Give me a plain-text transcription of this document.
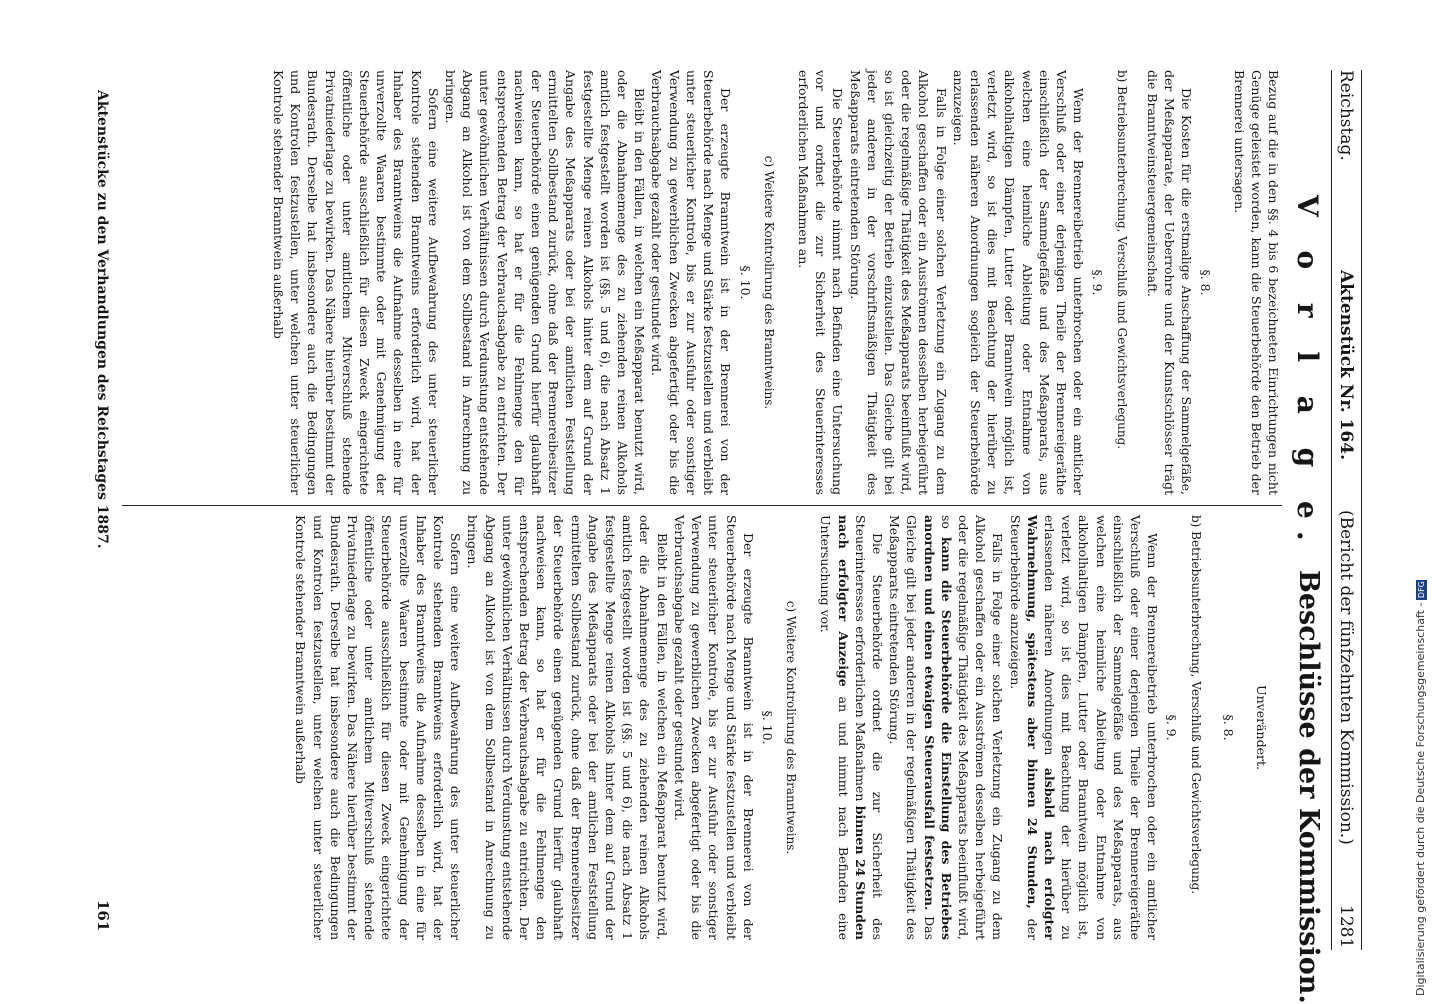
Reichstag.
Aktenstück Nr. 164.
(Bericht der fünfzehnten Kommission.)
1281
V o r l a g e.
Beschlüsse der Kommission.

Bezug auf die in den §§. 4 bis 6 bezeichneten Einrichtungen nicht Genüge geleistet worden, kann die Steuerbehörde den Betrieb der Brennerei untersagen.

§. 8.

Die Kosten für die erstmalige Anschaffung der Sammelgefäße, der Meßapparate, der Ueberrohre und der Kunstschlösser trägt die Branntweinsteuergemeinschaft.

b) Betriebsunterbrechung, Verschluß und Gewichtsverlegung.

§. 9.

Wenn der Brennereibetrieb unterbrochen oder ein amtlicher Verschluß oder einer derjenigen Theile der Brennereigeräthe einschließlich der Sammelgefäße und des Meßapparats, aus welchen eine heimliche Ableitung oder Entnahme von alkoholhaltigen Dämpfen, Lutter oder Branntwein möglich ist, verletzt wird, so ist dies mit Beachtung der hierüber zu erlassenden näheren Anordnungen sogleich der Steuerbehörde anzuzeigen.

Falls in Folge einer solchen Verletzung ein Zugang zu dem Alkohol geschaffen oder ein Ausströmen desselben herbeigeführt oder die regelmäßige Thätigkeit des Meßapparats beeinflußt wird, so ist gleichzeitig der Betrieb einzustellen. Das Gleiche gilt bei jeder anderen in der vorschriftsmäßigen Thätigkeit des Meßapparats eintretenden Störung.

Die Steuerbehörde nimmt nach Befinden eine Untersuchung vor und ordnet die zur Sicherheit des Steuerinteresses erforderlichen Maßnahmen an.

c) Weitere Kontrolirung des Branntweins.

§. 10.

Der erzeugte Branntwein ist in der Brennerei von der Steuerbehörde nach Menge und Stärke festzustellen und verbleibt unter steuerlicher Kontrole, bis er zur Ausfuhr oder sonstiger Verwendung zu gewerblichen Zwecken abgefertigt oder bis die Verbrauchsabgabe gezahlt oder gestundet wird.

Bleibt in den Fällen, in welchen ein Meßapparat benutzt wird, oder die Abnahmemenge des zu ziehenden reinen Alkohols amtlich festgestellt worden ist (§§. 5 und 6), die nach Absatz 1 festgestellte Menge reinen Alkohols hinter dem auf Grund der Angabe des Meßapparats oder bei der amtlichen Feststellung ermittelten Sollbestand zurück, ohne daß der Brennereibesitzer der Steuerbehörde einen genügenden Grund hierfür glaubhaft nachweisen kann, so hat er für die Fehlmenge den für entsprechenden Betrag der Verbrauchsabgabe zu entrichten. Der unter gewöhnlichen Verhältnissen durch Verdunstung entstehende Abgang an Alkohol ist von dem Sollbestand in Anrechnung zu bringen.

Sofern eine weitere Aufbewahrung des unter steuerlicher Kontrole stehenden Branntweins erforderlich wird, hat der Inhaber des Branntweins die Aufnahme desselben in eine für unverzollte Waaren bestimmte oder mit Genehmigung der Steuerbehörde ausschließlich für diesen Zweck eingerichtete öffentliche oder unter amtlichem Mitverschluß stehende Privatniederlage zu bewirken. Das Nähere hierüber bestimmt der Bundesrath. Derselbe hat insbesondere auch die Bedingungen und Kontrolen festzustellen, unter welchen unter steuerlicher Kontrole stehender Branntwein außerhalb

Unverändert.

§. 8.

b) Betriebsunterbrechung, Verschluß und Gewichtsverlegung.

§. 9.

Wenn der Brennereibetrieb unterbrochen oder ein amtlicher Verschluß oder einer derjenigen Theile der Brennereigeräthe einschließlich der Sammelgefäße und des Meßapparats, aus welchen eine heimliche Ableitung oder Entnahme von alkoholhaltigen Dämpfen, Lutter oder Branntwein möglich ist, verletzt wird, so ist dies mit Beachtung der hierüber zu erlassenden näheren Anordnungen alsbald nach erfolgter Wahrnehmung, spätestens aber binnen 24 Stunden, der Steuerbehörde anzuzeigen.

Falls in Folge einer solchen Verletzung ein Zugang zu dem Alkohol geschaffen oder ein Ausströmen desselben herbeigeführt oder die regelmäßige Thätigkeit des Meßapparats beeinflußt wird, so kann die Steuerbehörde die Einstellung des Betriebes anordnen und einen etwaigen Steuerausfall festsetzen. Das Gleiche gilt bei jeder anderen in der regelmäßigen Thätigkeit des Meßapparats eintretenden Störung.

Die Steuerbehörde ordnet die zur Sicherheit des Steuerinteresses erforderlichen Maßnahmen binnen 24 Stunden nach erfolgter Anzeige an und nimmt nach Befinden eine Untersuchung vor.

c) Weitere Kontrolirung des Branntweins.

§. 10.

Der erzeugte Branntwein ist in der Brennerei von der Steuerbehörde nach Menge und Stärke festzustellen und verbleibt unter steuerlicher Kontrole, bis er zur Ausfuhr oder sonstiger Verwendung zu gewerblichen Zwecken abgefertigt oder bis die Verbrauchsabgabe gezahlt oder gestundet wird.

Bleibt in den Fällen, in welchen ein Meßapparat benutzt wird, oder die Abnahmemenge des zu ziehenden reinen Alkohols amtlich festgestellt worden ist (§§. 5 und 6), die nach Absatz 1 festgestellte Menge reinen Alkohols hinter dem auf Grund der Angabe des Meßapparats oder bei der amtlichen Feststellung ermittelten Sollbestand zurück, ohne daß der Brennereibesitzer der Steuerbehörde einen genügenden Grund hierfür glaubhaft nachweisen kann, so hat er für die Fehlmenge den entsprechenden Betrag der Verbrauchsabgabe zu entrichten. Der unter gewöhnlichen Verhältnissen durch Verdunstung entstehende Abgang an Alkohol ist von dem Sollbestand in Anrechnung zu bringen.

Sofern eine weitere Aufbewahrung des unter steuerlicher Kontrole stehenden Branntweins erforderlich wird, hat der Inhaber des Branntweins die Aufnahme desselben in eine für unverzollte Waaren bestimmte oder mit Genehmigung der Steuerbehörde ausschließlich für diesen Zweck eingerichtete öffentliche oder unter amtlichem Mitverschluß stehende Privatniederlage zu bewirken. Das Nähere hierüber bestimmt der Bundesrath. Derselbe hat insbesondere auch die Bedingungen und Kontrolen festzustellen, unter welchen unter steuerlicher Kontrole stehender Branntwein außerhalb

Aktenstücke zu den Verhandlungen des Reichstages 1887.
161	Digitalisierung gefördert durch die Deutsche Forschungsgemeinschaft -DFG
